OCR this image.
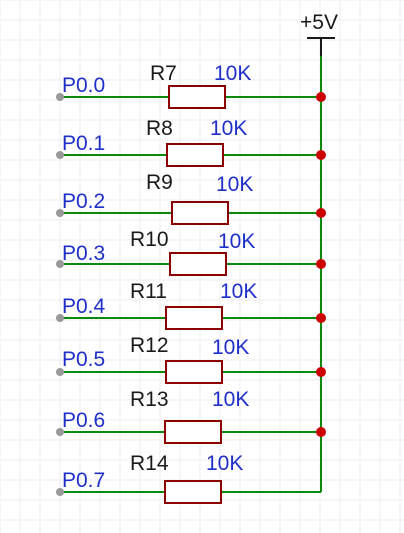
+5V
P0.0
R7 10K
P0.1
R8 10K
P0.2
R9 10K
P0.3
R10 10K
P0.4
R11	10K
P0.5
R12 10K
P0.6
R13 10K
P0.7
R14 10K
